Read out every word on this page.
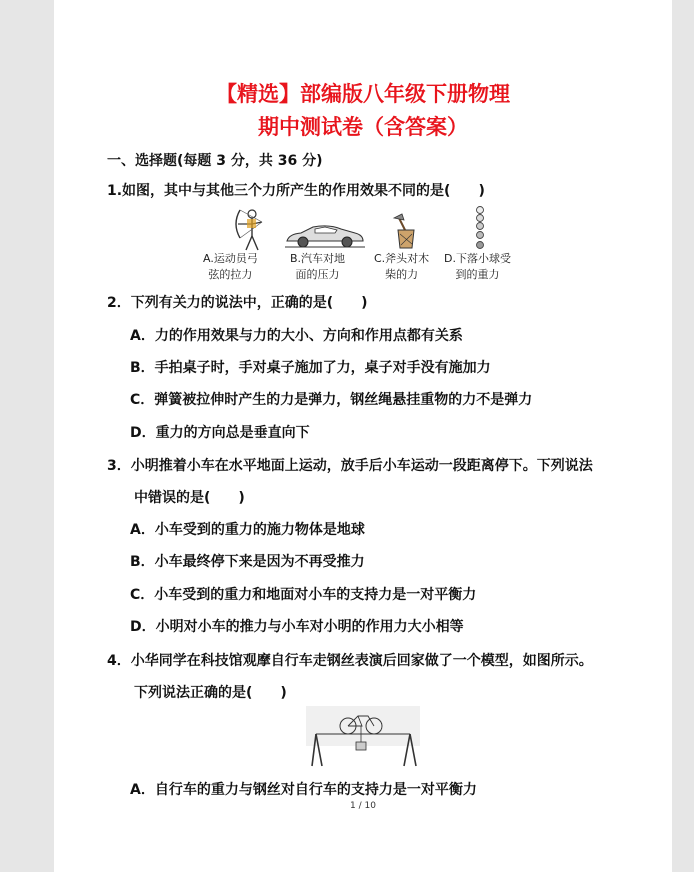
【精选】部编版八年级下册物理
期中测试卷（含答案）
一、选择题(每题 3 分，共 36 分)
1.如图，其中与其他三个力所产生的作用效果不同的是(　　)
A.运动员弓
弦的拉力
B.汽车对地
面的压力
C.斧头对木
柴的力
D.下落小球受
到的重力
2．下列有关力的说法中，正确的是(　　)
A．力的作用效果与力的大小、方向和作用点都有关系
B．手拍桌子时，手对桌子施加了力，桌子对手没有施加力
C．弹簧被拉伸时产生的力是弹力，钢丝绳悬挂重物的力不是弹力
D．重力的方向总是垂直向下
3．小明推着小车在水平地面上运动，放手后小车运动一段距离停下。下列说法
中错误的是(　　)
A．小车受到的重力的施力物体是地球
B．小车最终停下来是因为不再受推力
C．小车受到的重力和地面对小车的支持力是一对平衡力
D．小明对小车的推力与小车对小明的作用力大小相等
4．小华同学在科技馆观摩自行车走钢丝表演后回家做了一个模型，如图所示。
下列说法正确的是(　　)
A．自行车的重力与钢丝对自行车的支持力是一对平衡力
1 / 10
